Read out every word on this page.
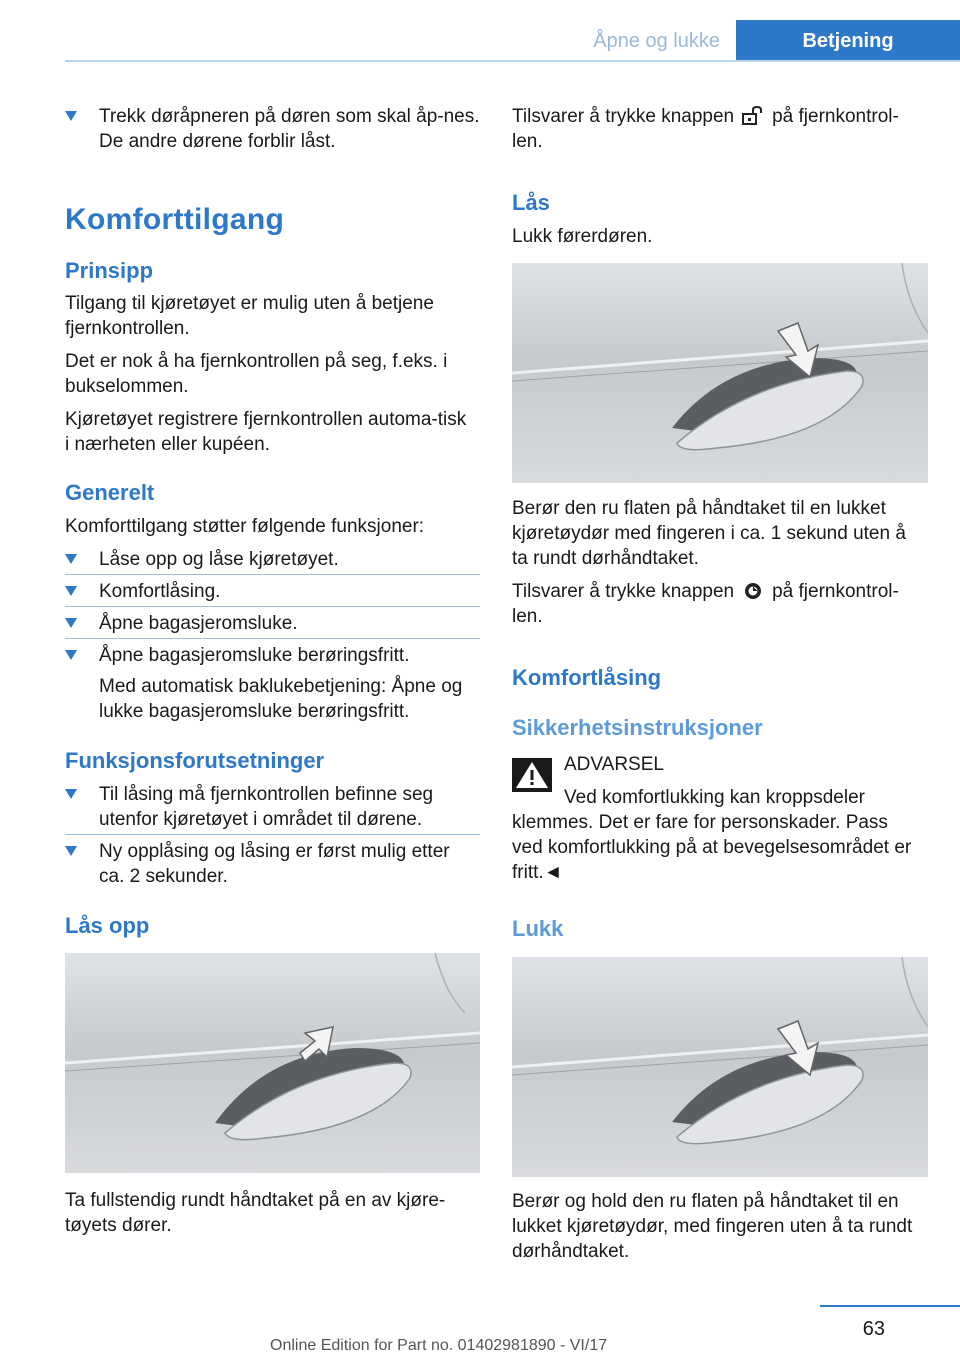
Åpne og lukke	Betjening
Trekk døråpneren på døren som skal åp-nes. De andre dørene forblir låst.
Komforttilgang
Prinsipp

Tilgang til kjøretøyet er mulig uten å betjene fjernkontrollen.

Det er nok å ha fjernkontrollen på seg, f.eks. i bukselommen.

Kjøretøyet registrere fjernkontrollen automa-tisk i nærheten eller kupéen.

Generelt

Komforttilgang støtter følgende funksjoner:

Låse opp og låse kjøretøyet.
Komfortlåsing.
Åpne bagasjeromsluke.
Åpne bagasjeromsluke berøringsfritt.

Med automatisk baklukebetjening: Åpne og lukke bagasjeromsluke berøringsfritt.

Funksjonsforutsetninger
Til låsing må fjernkontrollen befinne seg utenfor kjøretøyet i området til dørene.
Ny opplåsing og låsing er først mulig etter ca. 2 sekunder.
Lås opp

Ta fullstendig rundt håndtaket på en av kjøre-tøyets dører.

Tilsvarer å trykke knappen på fjernkontrol-len.

Lås

Lukk førerdøren.

Berør den ru flaten på håndtaket til en lukket kjøretøydør med fingeren i ca. 1 sekund uten å ta rundt dørhåndtaket.

Tilsvarer å trykke knappen på fjernkontrol-len.

Komfortlåsing
Sikkerhetsinstruksjoner

ADVARSEL

Ved komfortlukking kan kroppsdeler

klemmes. Det er fare for personskader. Pass ved komfortlukking på at bevegelsesområdet er fritt.◄

Lukk

Berør og hold den ru flaten på håndtaket til en lukket kjøretøydør, med fingeren uten å ta rundt dørhåndtaket.

63
Online Edition for Part no. 01402981890 - VI/17
